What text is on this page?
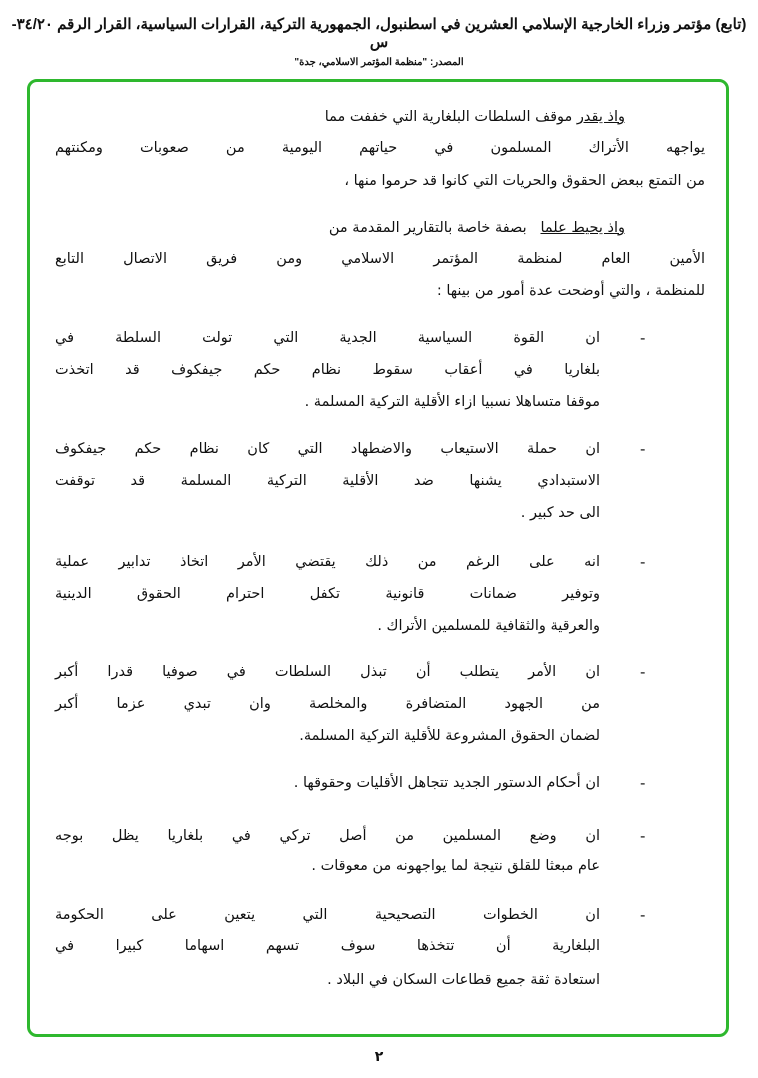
(تابع) مؤتمر وزراء الخارجية الإسلامي العشرين في اسطنبول، الجمهورية التركية، القرارات السياسية، القرار الرقم ٣٤/٢٠-س
المصدر: "منظمة المؤتمر الاسلامي، جدة"
واذ يقدر موقف السلطات البلغارية التي خففت مما
يواجهه الأتراك المسلمون في حياتهم اليومية من صعوبات ومكنتهم
من التمتع ببعض الحقوق والحريات التي كانوا قد حرموا منها ،
واذ يحيط علما   بصفة خاصة بالتقارير المقدمة من
الأمين العام لمنظمة المؤتمر الاسلامي ومن فريق الاتصال التابع
للمنظمة ، والتي أوضحت عدة أمور من بينها :
-
ان القوة السياسية الجدية التي تولت السلطة في
بلغاريا في أعقاب سقوط نظام حكم جيفكوف قد اتخذت
موقفا متساهلا نسبيا ازاء الأقلية التركية المسلمة .
-
ان حملة الاستيعاب والاضطهاد التي كان نظام حكم جيفكوف
الاستبدادي يشنها ضد الأقلية التركية المسلمة قد توقفت
الى حد كبير .
-
انه على الرغم من ذلك يقتضي الأمر اتخاذ تدابير عملية
وتوفير ضمانات قانونية تكفل احترام الحقوق الدينية
والعرقية والثقافية للمسلمين الأتراك .
-
ان الأمر يتطلب أن تبذل السلطات في صوفيا قدرا أكبر
من الجهود المتضافرة والمخلصة وان تبدي عزما أكبر
لضمان الحقوق المشروعة للأقلية التركية المسلمة.
-
ان أحكام الدستور الجديد تتجاهل الأقليات وحقوقها .
-
ان وضع المسلمين من أصل تركي في بلغاريا يظل بوجه
عام مبعثا للقلق نتيجة لما يواجهونه من معوقات .
-
ان الخطوات التصحيحية التي يتعين على الحكومة
البلغارية أن تتخذها سوف تسهم اسهاما كبيرا في
استعادة ثقة جميع قطاعات السكان في البلاد .
٢
